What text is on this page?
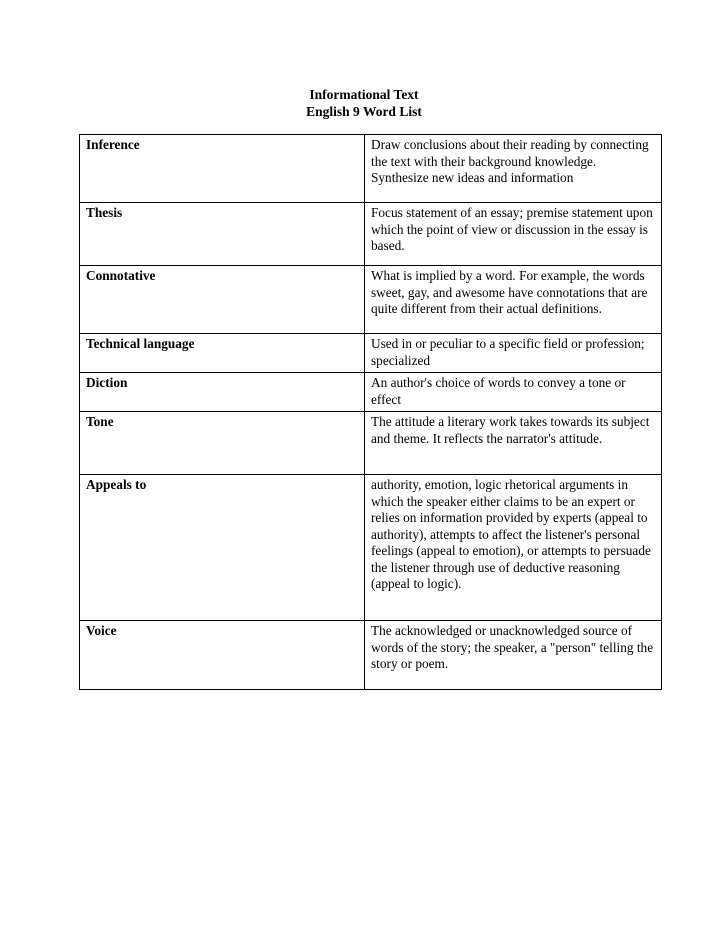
Informational Text
English 9 Word List
Inference	Draw conclusions about their reading by connecting the text with their background knowledge. Synthesize new ideas and information
Thesis	Focus statement of an essay; premise statement upon which the point of view or discussion in the essay is based.
Connotative	What is implied by a word. For example, the words sweet, gay, and awesome have connotations that are quite different from their actual definitions.
Technical language	Used in or peculiar to a specific field or profession; specialized
Diction	An author's choice of words to convey a tone or effect
Tone	The attitude a literary work takes towards its subject and theme. It reflects the narrator's attitude.
Appeals to	authority, emotion, logic rhetorical arguments in which the speaker either claims to be an expert or relies on information provided by experts (appeal to authority), attempts to affect the listener's personal feelings (appeal to emotion), or attempts to persuade the listener through use of deductive reasoning (appeal to logic).
Voice	The acknowledged or unacknowledged source of words of the story; the speaker, a "person" telling the story or poem.
